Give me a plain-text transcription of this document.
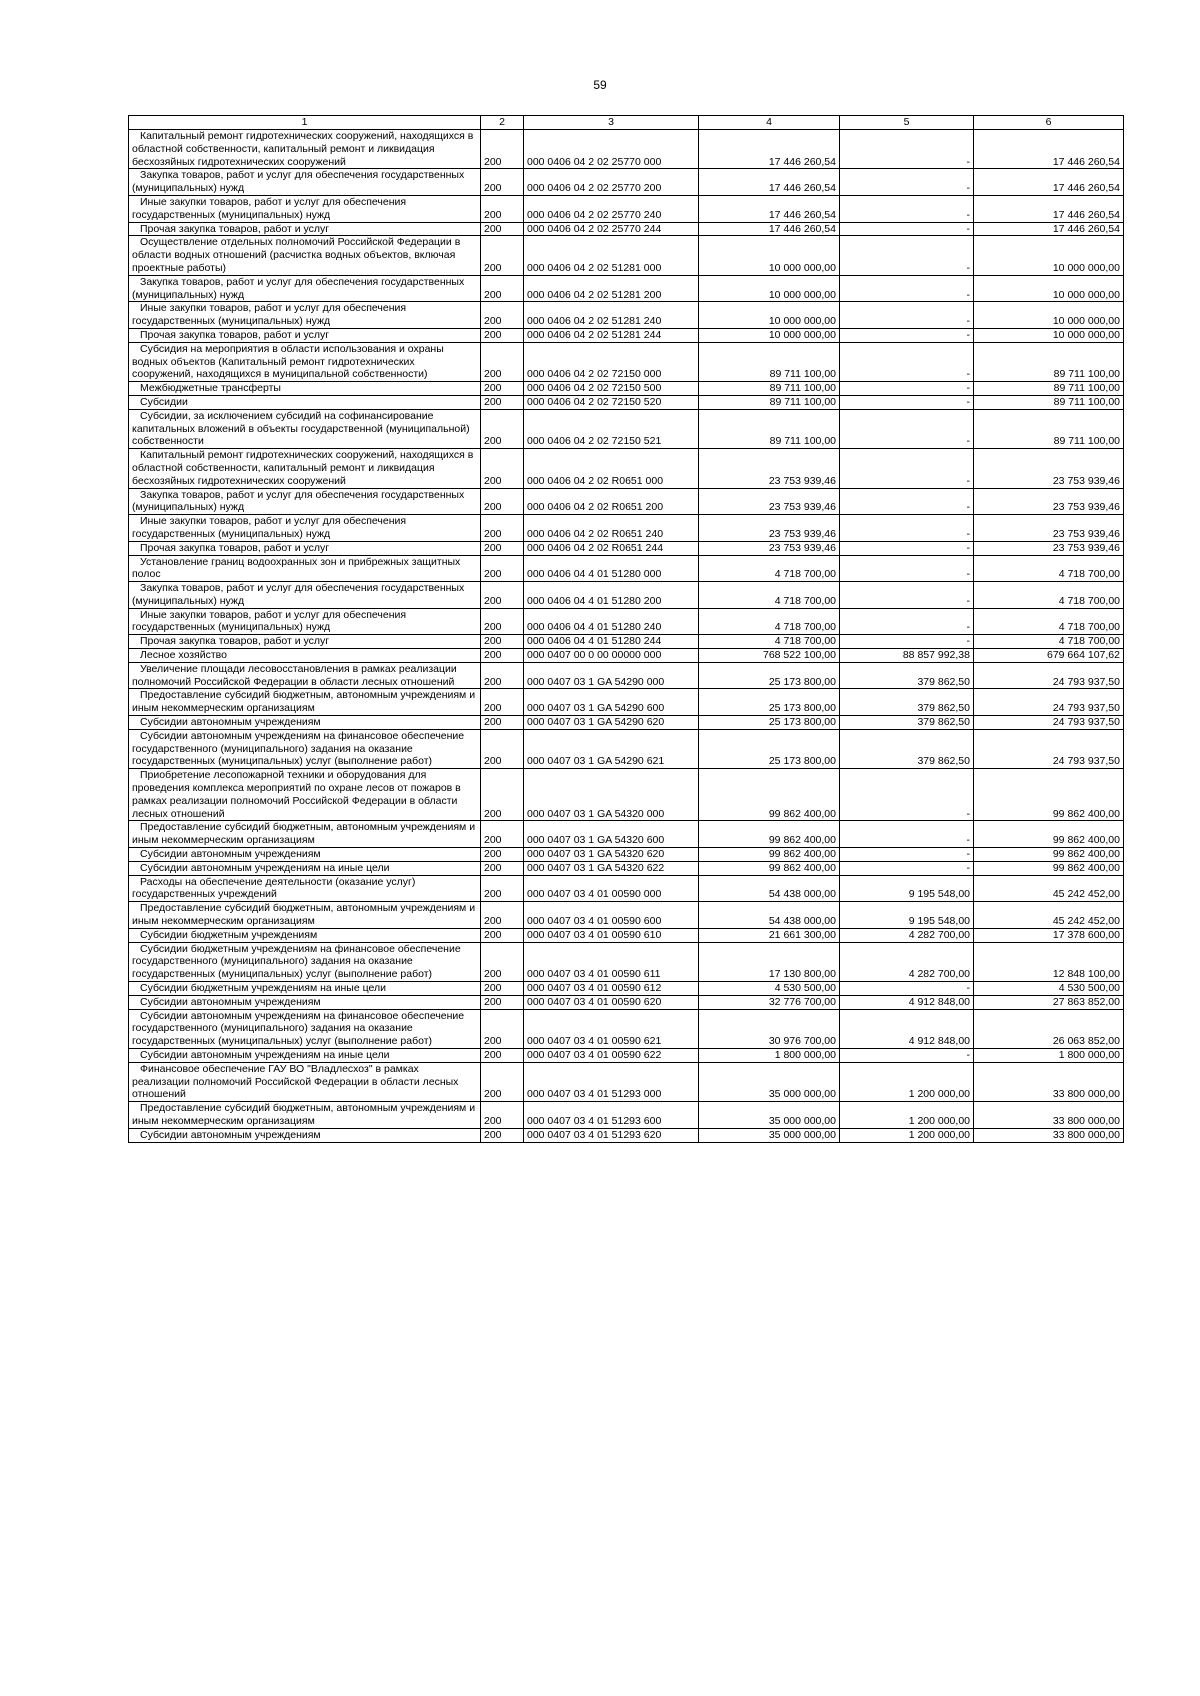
59
1	2	3	4	5	6

Капитальный ремонт гидротехнических сооружений, находящихся в областной собственности, капитальный ремонт и ликвидация бесхозяйных гидротехнических сооружений	200	000 0406 04 2 02 25770 000	17 446 260,54	-	17 446 260,54

Закупка товаров, работ и услуг для обеспечения государственных (муниципальных) нужд	200	000 0406 04 2 02 25770 200	17 446 260,54	-	17 446 260,54

Иные закупки товаров, работ и услуг для обеспечения государственных (муниципальных) нужд	200	000 0406 04 2 02 25770 240	17 446 260,54	-	17 446 260,54

Прочая закупка товаров, работ и услуг	200	000 0406 04 2 02 25770 244	17 446 260,54	-	17 446 260,54

Осуществление отдельных полномочий Российской Федерации в области водных отношений (расчистка водных объектов, включая проектные работы)	200	000 0406 04 2 02 51281 000	10 000 000,00	-	10 000 000,00

Закупка товаров, работ и услуг для обеспечения государственных (муниципальных) нужд	200	000 0406 04 2 02 51281 200	10 000 000,00	-	10 000 000,00

Иные закупки товаров, работ и услуг для обеспечения государственных (муниципальных) нужд	200	000 0406 04 2 02 51281 240	10 000 000,00	-	10 000 000,00

Прочая закупка товаров, работ и услуг	200	000 0406 04 2 02 51281 244	10 000 000,00	-	10 000 000,00

Субсидия на мероприятия в области использования и охраны водных объектов (Капитальный ремонт гидротехнических сооружений, находящихся в муниципальной собственности)	200	000 0406 04 2 02 72150 000	89 711 100,00	-	89 711 100,00

Межбюджетные трансферты	200	000 0406 04 2 02 72150 500	89 711 100,00	-	89 711 100,00

Субсидии	200	000 0406 04 2 02 72150 520	89 711 100,00	-	89 711 100,00

Субсидии, за исключением субсидий на софинансирование капитальных вложений в объекты государственной (муниципальной) собственности	200	000 0406 04 2 02 72150 521	89 711 100,00	-	89 711 100,00

Капитальный ремонт гидротехнических сооружений, находящихся в областной собственности, капитальный ремонт и ликвидация бесхозяйных гидротехнических сооружений	200	000 0406 04 2 02 R0651 000	23 753 939,46	-	23 753 939,46

Закупка товаров, работ и услуг для обеспечения государственных (муниципальных) нужд	200	000 0406 04 2 02 R0651 200	23 753 939,46	-	23 753 939,46

Иные закупки товаров, работ и услуг для обеспечения государственных (муниципальных) нужд	200	000 0406 04 2 02 R0651 240	23 753 939,46	-	23 753 939,46

Прочая закупка товаров, работ и услуг	200	000 0406 04 2 02 R0651 244	23 753 939,46	-	23 753 939,46

Установление границ водоохранных зон и прибрежных защитных полос	200	000 0406 04 4 01 51280 000	4 718 700,00	-	4 718 700,00

Закупка товаров, работ и услуг для обеспечения государственных (муниципальных) нужд	200	000 0406 04 4 01 51280 200	4 718 700,00	-	4 718 700,00

Иные закупки товаров, работ и услуг для обеспечения государственных (муниципальных) нужд	200	000 0406 04 4 01 51280 240	4 718 700,00	-	4 718 700,00

Прочая закупка товаров, работ и услуг	200	000 0406 04 4 01 51280 244	4 718 700,00	-	4 718 700,00

Лесное хозяйство	200	000 0407 00 0 00 00000 000	768 522 100,00	88 857 992,38	679 664 107,62

Увеличение площади лесовосстановления в рамках реализации полномочий Российской Федерации в области лесных отношений	200	000 0407 03 1 GA 54290 000	25 173 800,00	379 862,50	24 793 937,50

Предоставление субсидий бюджетным, автономным учреждениям и иным некоммерческим организациям	200	000 0407 03 1 GA 54290 600	25 173 800,00	379 862,50	24 793 937,50

Субсидии автономным учреждениям	200	000 0407 03 1 GA 54290 620	25 173 800,00	379 862,50	24 793 937,50

Субсидии автономным учреждениям на финансовое обеспечение государственного (муниципального) задания на оказание государственных (муниципальных) услуг (выполнение работ)	200	000 0407 03 1 GA 54290 621	25 173 800,00	379 862,50	24 793 937,50

Приобретение лесопожарной техники и оборудования для проведения комплекса мероприятий по охране лесов от пожаров в рамках реализации полномочий Российской Федерации в области лесных отношений	200	000 0407 03 1 GA 54320 000	99 862 400,00	-	99 862 400,00

Предоставление субсидий бюджетным, автономным учреждениям и иным некоммерческим организациям	200	000 0407 03 1 GA 54320 600	99 862 400,00	-	99 862 400,00

Субсидии автономным учреждениям	200	000 0407 03 1 GA 54320 620	99 862 400,00	-	99 862 400,00

Субсидии автономным учреждениям на иные цели	200	000 0407 03 1 GA 54320 622	99 862 400,00	-	99 862 400,00

Расходы на обеспечение деятельности (оказание услуг) государственных учреждений	200	000 0407 03 4 01 00590 000	54 438 000,00	9 195 548,00	45 242 452,00

Предоставление субсидий бюджетным, автономным учреждениям и иным некоммерческим организациям	200	000 0407 03 4 01 00590 600	54 438 000,00	9 195 548,00	45 242 452,00

Субсидии бюджетным учреждениям	200	000 0407 03 4 01 00590 610	21 661 300,00	4 282 700,00	17 378 600,00

Субсидии бюджетным учреждениям на финансовое обеспечение государственного (муниципального) задания на оказание государственных (муниципальных) услуг (выполнение работ)	200	000 0407 03 4 01 00590 611	17 130 800,00	4 282 700,00	12 848 100,00

Субсидии бюджетным учреждениям на иные цели	200	000 0407 03 4 01 00590 612	4 530 500,00	-	4 530 500,00

Субсидии автономным учреждениям	200	000 0407 03 4 01 00590 620	32 776 700,00	4 912 848,00	27 863 852,00

Субсидии автономным учреждениям на финансовое обеспечение государственного (муниципального) задания на оказание государственных (муниципальных) услуг (выполнение работ)	200	000 0407 03 4 01 00590 621	30 976 700,00	4 912 848,00	26 063 852,00

Субсидии автономным учреждениям на иные цели	200	000 0407 03 4 01 00590 622	1 800 000,00	-	1 800 000,00

Финансовое обеспечение ГАУ ВО "Владлесхоз" в рамках реализации полномочий Российской Федерации в области лесных отношений	200	000 0407 03 4 01 51293 000	35 000 000,00	1 200 000,00	33 800 000,00

Предоставление субсидий бюджетным, автономным учреждениям и иным некоммерческим организациям	200	000 0407 03 4 01 51293 600	35 000 000,00	1 200 000,00	33 800 000,00

Субсидии автономным учреждениям	200	000 0407 03 4 01 51293 620	35 000 000,00	1 200 000,00	33 800 000,00
